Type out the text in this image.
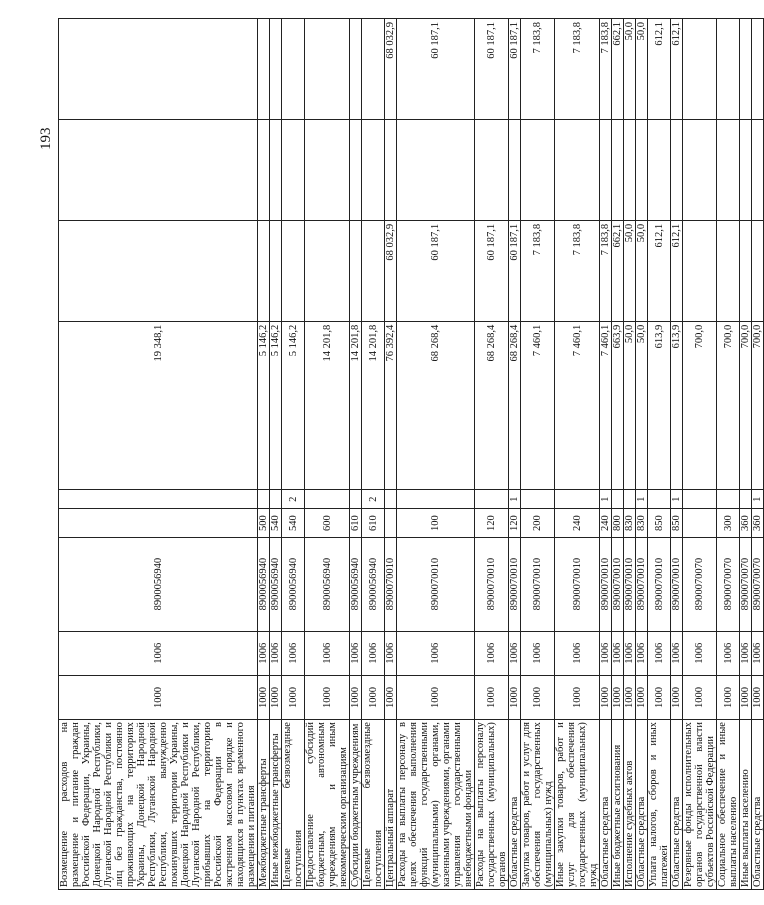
193
Возмещение расходов на размещение и питание граждан Российской Федерации, Украины, Донецкой Народной Республики, Луганской Народной Республики и лиц без гражданства, постоянно проживающих на территориях Украины, Донецкой Народной Республики, Луганской Народной Республики, вынужденно покинувших территории Украины, Донецкой Народной Республики и Луганской Народной Республики, прибывших на территорию Российской Федерации в экстренном массовом порядке и находящихся в пунктах временного размещения и питания	1000	1006	8900056940			19 348,1			
Межбюджетные трансферты	1000	1006	8900056940	500		5 146,2			
Иные межбюджетные трансферты	1000	1006	8900056940	540		5 146,2			
Целевые безвозмездные поступления	1000	1006	8900056940	540	2	5 146,2			
Предоставление субсидий бюджетным, автономным учреждениям и иным некоммерческим организациям	1000	1006	8900056940	600		14 201,8			
Субсидии бюджетным учреждениям	1000	1006	8900056940	610		14 201,8			
Целевые безвозмездные поступления	1000	1006	8900056940	610	2	14 201,8			
Центральный аппарат	1000	1006	8900070010			76 392,4	68 032,9		68 032,9
Расходы на выплаты персоналу в целях обеспечения выполнения функций государственными (муниципальными) органами, казенными учреждениями, органами управления государственными внебюджетными фондами	1000	1006	8900070010	100		68 268,4	60 187,1		60 187,1
Расходы на выплаты персоналу государственных (муниципальных) органов	1000	1006	8900070010	120		68 268,4	60 187,1		60 187,1
Областные средства	1000	1006	8900070010	120	1	68 268,4	60 187,1		60 187,1
Закупка товаров, работ и услуг для обеспечения государственных (муниципальных) нужд	1000	1006	8900070010	200		7 460,1	7 183,8		7 183,8
Иные закупки товаров, работ и услуг для обеспечения государственных (муниципальных) нужд	1000	1006	8900070010	240		7 460,1	7 183,8		7 183,8
Областные средства	1000	1006	8900070010	240	1	7 460,1	7 183,8		7 183,8
Иные бюджетные ассигнования	1000	1006	8900070010	800		663,9	662,1		662,1
Исполнение судебных актов	1000	1006	8900070010	830		50,0	50,0		50,0
Областные средства	1000	1006	8900070010	830	1	50,0	50,0		50,0
Уплата налогов, сборов и иных платежей	1000	1006	8900070010	850		613,9	612,1		612,1
Областные средства	1000	1006	8900070010	850	1	613,9	612,1		612,1
Резервные фонды исполнительных органов государственной власти субъектов Российской Федерации	1000	1006	8900070070			700,0			
Социальное обеспечение и иные выплаты населению	1000	1006	8900070070	300		700,0			
Иные выплаты населению	1000	1006	8900070070	360		700,0			
Областные средства	1000	1006	8900070070	360	1	700,0			
